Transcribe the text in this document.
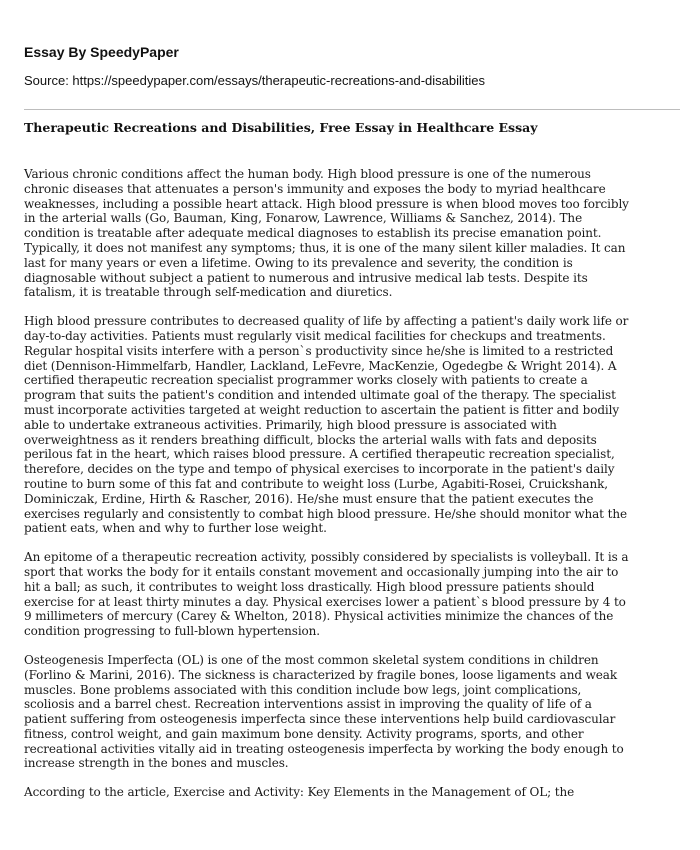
Essay By SpeedyPaper
Source: https://speedypaper.com/essays/therapeutic-recreations-and-disabilities
Therapeutic Recreations and Disabilities, Free Essay in Healthcare Essay

Various chronic conditions affect the human body. High blood pressure is one of the numerous
chronic diseases that attenuates a person's immunity and exposes the body to myriad healthcare
weaknesses, including a possible heart attack. High blood pressure is when blood moves too forcibly
in the arterial walls (Go, Bauman, King, Fonarow, Lawrence, Williams & Sanchez, 2014). The
condition is treatable after adequate medical diagnoses to establish its precise emanation point.
Typically, it does not manifest any symptoms; thus, it is one of the many silent killer maladies. It can
last for many years or even a lifetime. Owing to its prevalence and severity, the condition is
diagnosable without subject a patient to numerous and intrusive medical lab tests. Despite its
fatalism, it is treatable through self-medication and diuretics.

High blood pressure contributes to decreased quality of life by affecting a patient's daily work life or
day-to-day activities. Patients must regularly visit medical facilities for checkups and treatments.
Regular hospital visits interfere with a person`s productivity since he/she is limited to a restricted
diet (Dennison-Himmelfarb, Handler, Lackland, LeFevre, MacKenzie, Ogedegbe & Wright 2014). A
certified therapeutic recreation specialist programmer works closely with patients to create a
program that suits the patient's condition and intended ultimate goal of the therapy. The specialist
must incorporate activities targeted at weight reduction to ascertain the patient is fitter and bodily
able to undertake extraneous activities. Primarily, high blood pressure is associated with
overweightness as it renders breathing difficult, blocks the arterial walls with fats and deposits
perilous fat in the heart, which raises blood pressure. A certified therapeutic recreation specialist,
therefore, decides on the type and tempo of physical exercises to incorporate in the patient's daily
routine to burn some of this fat and contribute to weight loss (Lurbe, Agabiti-Rosei, Cruickshank,
Dominiczak, Erdine, Hirth & Rascher, 2016). He/she must ensure that the patient executes the
exercises regularly and consistently to combat high blood pressure. He/she should monitor what the
patient eats, when and why to further lose weight.

An epitome of a therapeutic recreation activity, possibly considered by specialists is volleyball. It is a
sport that works the body for it entails constant movement and occasionally jumping into the air to
hit a ball; as such, it contributes to weight loss drastically. High blood pressure patients should
exercise for at least thirty minutes a day. Physical exercises lower a patient`s blood pressure by 4 to
9 millimeters of mercury (Carey & Whelton, 2018). Physical activities minimize the chances of the
condition progressing to full-blown hypertension.

Osteogenesis Imperfecta (OL) is one of the most common skeletal system conditions in children
(Forlino & Marini, 2016). The sickness is characterized by fragile bones, loose ligaments and weak
muscles. Bone problems associated with this condition include bow legs, joint complications,
scoliosis and a barrel chest. Recreation interventions assist in improving the quality of life of a
patient suffering from osteogenesis imperfecta since these interventions help build cardiovascular
fitness, control weight, and gain maximum bone density. Activity programs, sports, and other
recreational activities vitally aid in treating osteogenesis imperfecta by working the body enough to
increase strength in the bones and muscles.

According to the article, Exercise and Activity: Key Elements in the Management of OL; the
